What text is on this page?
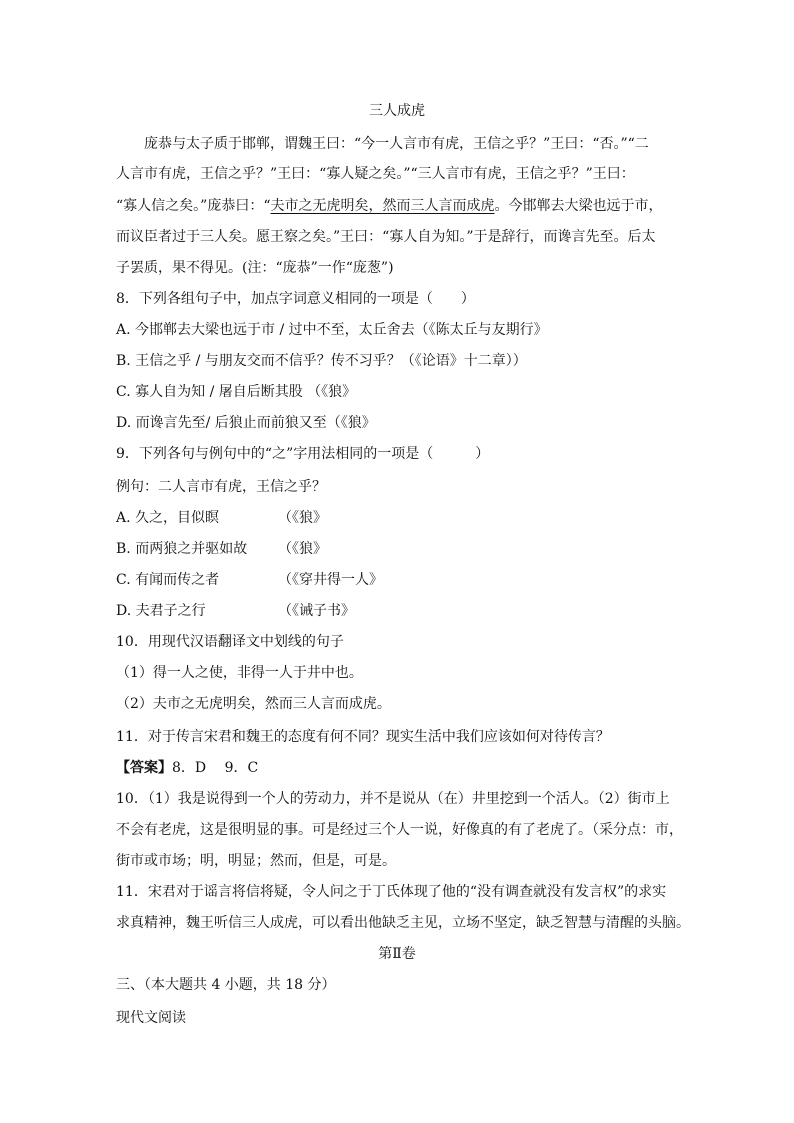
三人成虎
庞恭与太子质于邯郸，谓魏王曰：“今一人言市有虎，王信之乎？”王曰：“否。”“二
人言市有虎，王信之乎？”王曰：“寡人疑之矣。”“三人言市有虎，王信之乎？”王曰：
“寡人信之矣。”庞恭曰：“夫市之无虎明矣，然而三人言而成虎。今邯郸去大梁也远于市，
而议臣者过于三人矣。愿王察之矣。”王曰：“寡人自为知。”于是辞行，而谗言先至。后太
子罢质，果不得见。(注：“庞恭”一作“庞葱”)
8．下列各组句子中，加点字词意义相同的一项是（　　）
A. 今邯郸去大梁也远于市 / 过中不至，太丘舍去（《陈太丘与友期行》
B. 王信之乎 / 与朋友交而不信乎？传不习乎？（《论语》十二章））
C. 寡人自为知 / 屠自后断其股 （《狼》
D. 而谗言先至/ 后狼止而前狼又至（《狼》
9．下列各句与例句中的“之”字用法相同的一项是（　　　）
例句：二人言市有虎，王信之乎？
A. 久之，目似瞑	（《狼》
B. 而两狼之并驱如故 （《狼》
C. 有闻而传之者	（《穿井得一人》
D. 夫君子之行	（《诫子书》
10．用现代汉语翻译文中划线的句子
（1）得一人之使，非得一人于井中也。
（2）夫市之无虎明矣，然而三人言而成虎。
11．对于传言宋君和魏王的态度有何不同？现实生活中我们应该如何对待传言？
【答案】8．D　 9．C
10．（1）我是说得到一个人的劳动力，并不是说从（在）井里挖到一个活人。（2）街市上
不会有老虎，这是很明显的事。可是经过三个人一说，好像真的有了老虎了。（采分点：市，
街市或市场；明，明显；然而，但是，可是。
11．宋君对于谣言将信将疑，令人问之于丁氏体现了他的“没有调查就没有发言权”的求实
求真精神，魏王听信三人成虎，可以看出他缺乏主见，立场不坚定，缺乏智慧与清醒的头脑。
第Ⅱ卷
三、（本大题共 4 小题，共 18 分）
现代文阅读
